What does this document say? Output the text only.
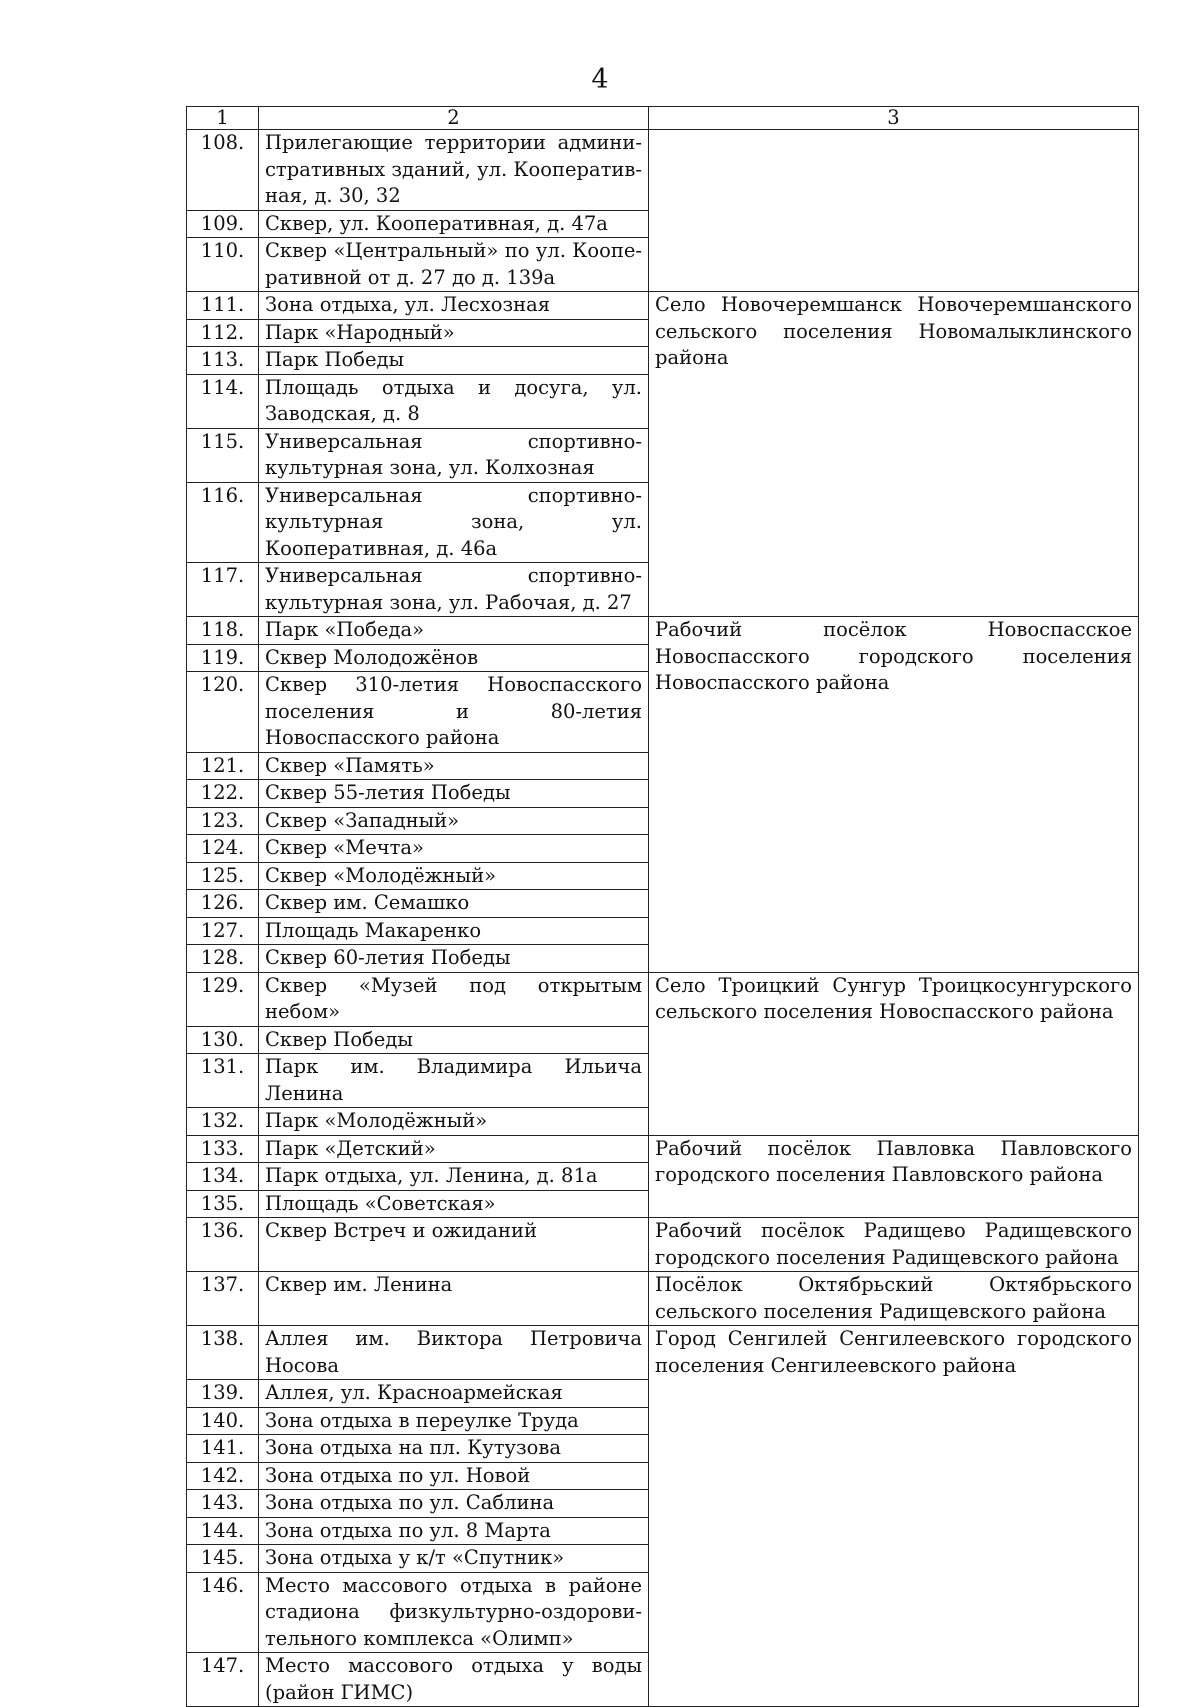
4
1	2	3
108.	Прилегающие территории административных зданий, ул. Кооперативная, д. 30, 32	
109.	Сквер, ул. Кооперативная, д. 47а	
110.	Сквер «Центральный» по ул. Кооперативной от д. 27 до д. 139а	
111.	Зона отдыха, ул. Лесхозная	Село Новочеремшанск Новочеремшанского сельского поселения Новомалыклинского района
112.	Парк «Народный»	
113.	Парк Победы	
114.	Площадь отдыха и досуга, ул. Заводская, д. 8	
115.	Универсальная спортивно-культурная зона, ул. Колхозная	
116.	Универсальная спортивно-культурная зона, ул. Кооперативная, д. 46а	
117.	Универсальная спортивно-культурная зона, ул. Рабочая, д. 27	
118.	Парк «Победа»	Рабочий посёлок Новоспасское Новоспасского городского поселения Новоспасского района
119.	Сквер Молодожёнов	
120.	Сквер 310-летия Новоспасского поселения и 80-летия Новоспасского района	
121.	Сквер «Память»	
122.	Сквер 55-летия Победы	
123.	Сквер «Западный»	
124.	Сквер «Мечта»	
125.	Сквер «Молодёжный»	
126.	Сквер им. Семашко	
127.	Площадь Макаренко	
128.	Сквер 60-летия Победы	
129.	Сквер «Музей под открытым небом»	Село Троицкий Сунгур Троицкосунгурского сельского поселения Новоспасского района
130.	Сквер Победы	
131.	Парк им. Владимира Ильича Ленина	
132.	Парк «Молодёжный»	
133.	Парк «Детский»	Рабочий посёлок Павловка Павловского городского поселения Павловского района
134.	Парк отдыха, ул. Ленина, д. 81а	
135.	Площадь «Советская»	
136.	Сквер Встреч и ожиданий	Рабочий посёлок Радищево Радищевского городского поселения Радищевского района
137.	Сквер им. Ленина	Посёлок Октябрьский Октябрьского сельского поселения Радищевского района
138.	Аллея им. Виктора Петровича Носова	Город Сенгилей Сенгилеевского городского поселения Сенгилеевского района
139.	Аллея, ул. Красноармейская	
140.	Зона отдыха в переулке Труда	
141.	Зона отдыха на пл. Кутузова	
142.	Зона отдыха по ул. Новой	
143.	Зона отдыха по ул. Саблина	
144.	Зона отдыха по ул. 8 Марта	
145.	Зона отдыха у к/т «Спутник»	
146.	Место массового отдыха в районе стадиона физкультурно-оздоровительного комплекса «Олимп»	
147.	Место массового отдыха у воды (район ГИМС)	
